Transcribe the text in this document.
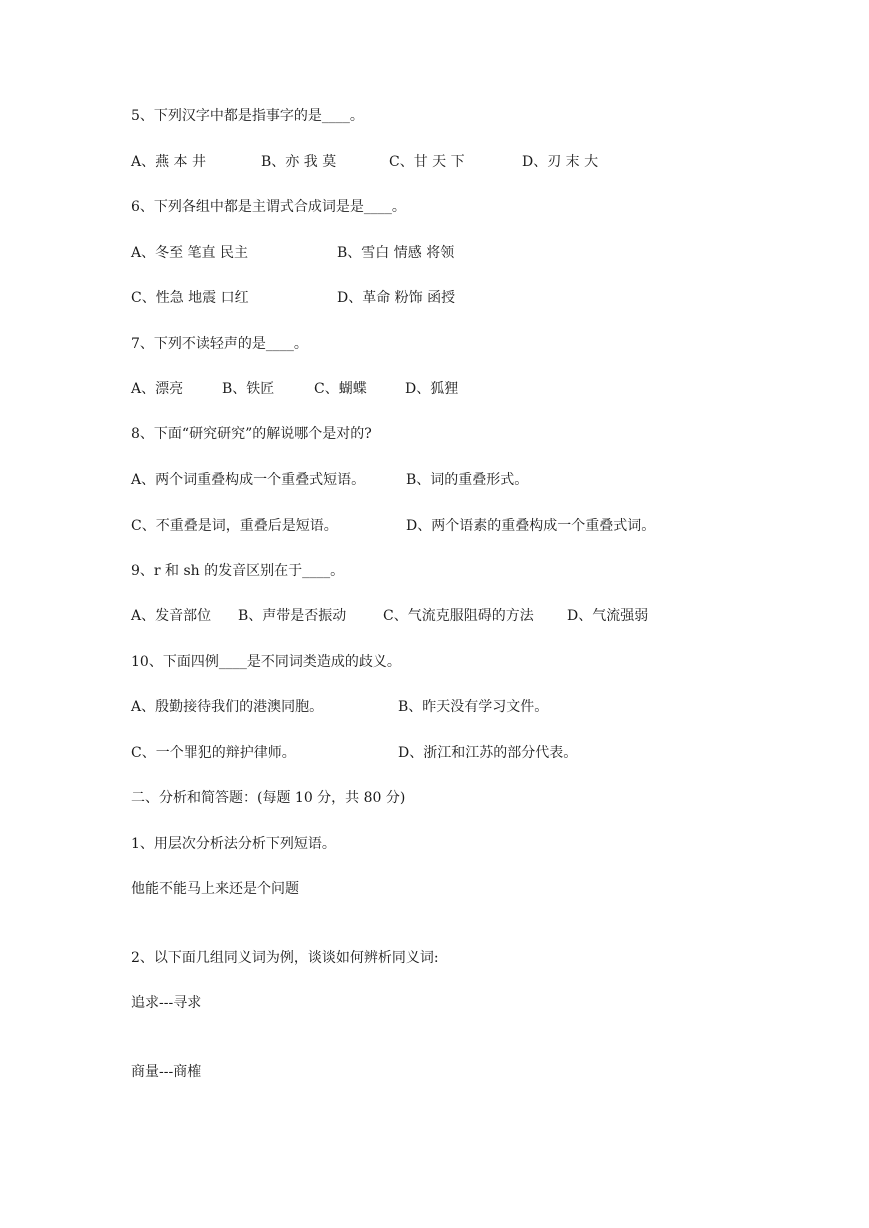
5、下列汉字中都是指事字的是____。
A、燕 本 井	B、亦 我 莫	C、甘 天 下	D、刃 末 大
6、下列各组中都是主谓式合成词是是____。
A、冬至 笔直 民主	B、雪白 情感 将领
C、性急 地震 口红	D、革命 粉饰 函授
7、下列不读轻声的是____。
A、漂亮	B、铁匠	C、蝴蝶	D、狐狸
8、下面“研究研究”的解说哪个是对的?
A、两个词重叠构成一个重叠式短语。	B、词的重叠形式。
C、不重叠是词，重叠后是短语。	D、两个语素的重叠构成一个重叠式词。
9、r 和 sh 的发音区别在于____。
A、发音部位 B、声带是否振动	C、气流克服阻碍的方法 D、气流强弱
10、下面四例____是不同词类造成的歧义。
A、殷勤接待我们的港澳同胞。	B、昨天没有学习文件。
C、一个罪犯的辩护律师。	D、浙江和江苏的部分代表。
二、分析和简答题：(每题 10 分，共 80 分)
1、用层次分析法分析下列短语。
他能不能马上来还是个问题
2、以下面几组同义词为例，谈谈如何辨析同义词:
追求---寻求
商量---商榷
